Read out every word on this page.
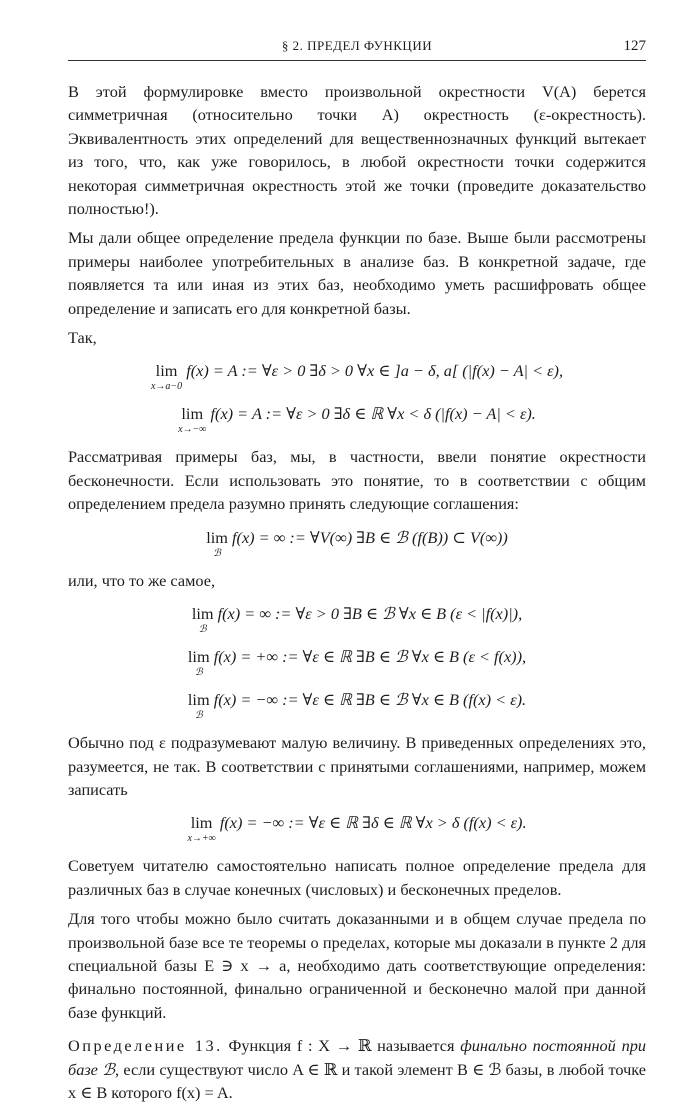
§ 2. ПРЕДЕЛ ФУНКЦИИ	127

В этой формулировке вместо произвольной окрестности V(A) берется симметричная (относительно точки A) окрестность (ε-окрестность). Эквивалентность этих определений для вещественнозначных функций вытекает из того, что, как уже говорилось, в любой окрестности точки содержится некоторая симметричная окрестность этой же точки (проведите доказательство полностью!).

Мы дали общее определение предела функции по базе. Выше были рассмотрены примеры наиболее употребительных в анализе баз. В конкретной задаче, где появляется та или иная из этих баз, необходимо уметь расшифровать общее определение и записать его для конкретной базы.

Так,

lim
x→a−0
f(x) = A := ∀ε > 0 ∃δ > 0 ∀x ∈ ]a − δ, a[ (|f(x) − A| < ε),
lim
x→−∞
f(x) = A := ∀ε > 0 ∃δ ∈ ℝ ∀x < δ (|f(x) − A| < ε).

Рассматривая примеры баз, мы, в частности, ввели понятие окрестности бесконечности. Если использовать это понятие, то в соответствии с общим определением предела разумно принять следующие соглашения:

lim
ℬ
f(x) = ∞ := ∀V(∞) ∃B ∈ ℬ (f(B)) ⊂ V(∞))

или, что то же самое,

lim
ℬ
f(x) = ∞ := ∀ε > 0 ∃B ∈ ℬ ∀x ∈ B (ε < |f(x)|),
lim
ℬ
f(x) = +∞ := ∀ε ∈ ℝ ∃B ∈ ℬ ∀x ∈ B (ε < f(x)),
lim
ℬ
f(x) = −∞ := ∀ε ∈ ℝ ∃B ∈ ℬ ∀x ∈ B (f(x) < ε).

Обычно под ε подразумевают малую величину. В приведенных определениях это, разумеется, не так. В соответствии с принятыми соглашениями, например, можем записать

lim
x→+∞
f(x) = −∞ := ∀ε ∈ ℝ ∃δ ∈ ℝ ∀x > δ (f(x) < ε).

Советуем читателю самостоятельно написать полное определение предела для различных баз в случае конечных (числовых) и бесконечных пределов.

Для того чтобы можно было считать доказанными и в общем случае предела по произвольной базе все те теоремы о пределах, которые мы доказали в пункте 2 для специальной базы E ∋ x → a, необходимо дать соответствующие определения: финально постоянной, финально ограниченной и бесконечно малой при данной базе функций.

Определение 13. Функция f : X → ℝ называется финально постоянной при базе ℬ, если существуют число A ∈ ℝ и такой элемент B ∈ ℬ базы, в любой точке x ∈ B которого f(x) = A.
